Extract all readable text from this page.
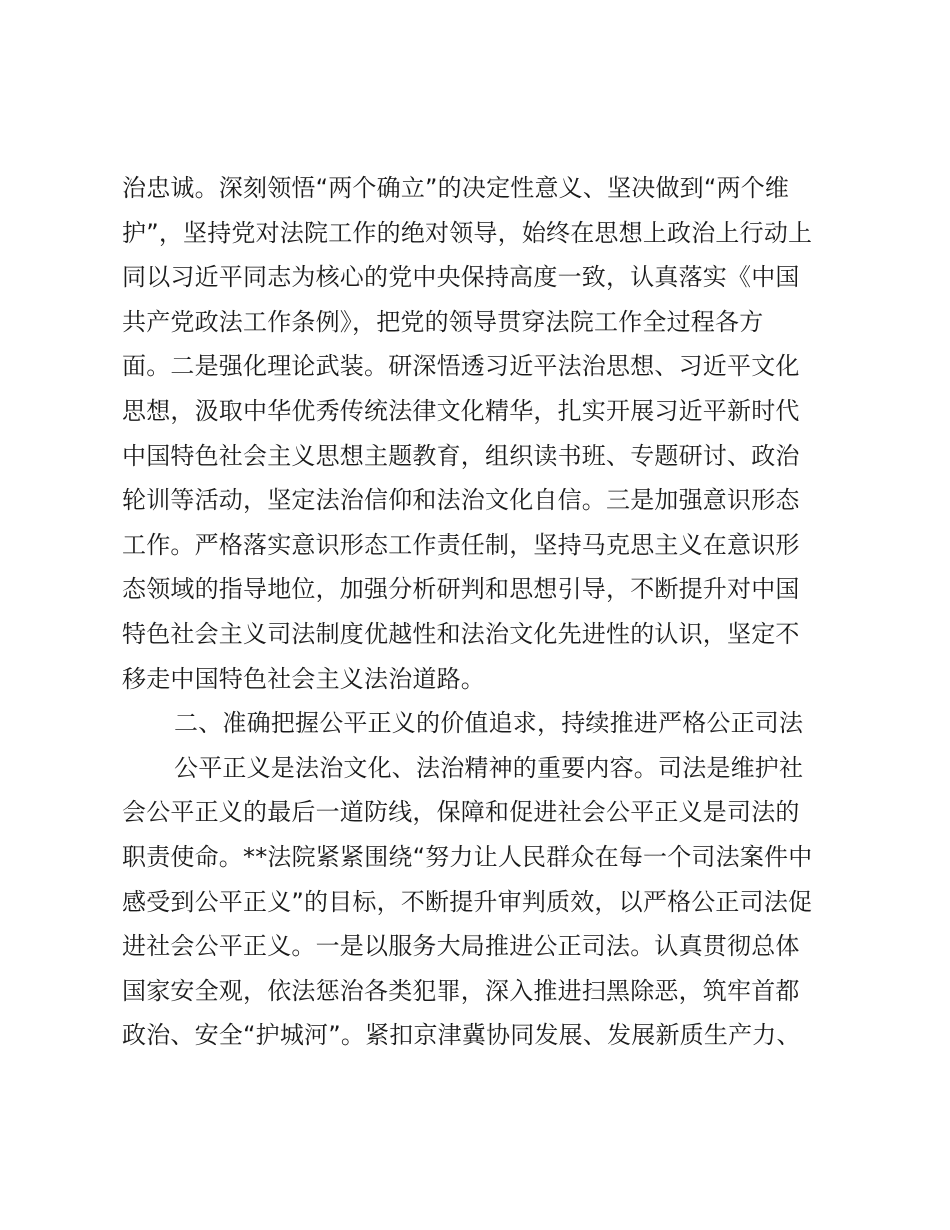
治忠诚。深刻领悟“两个确立”的决定性意义、坚决做到“两个维
护”，坚持党对法院工作的绝对领导，始终在思想上政治上行动上
同以习近平同志为核心的党中央保持高度一致，认真落实《中国
共产党政法工作条例》，把党的领导贯穿法院工作全过程各方
面。二是强化理论武装。研深悟透习近平法治思想、习近平文化
思想，汲取中华优秀传统法律文化精华，扎实开展习近平新时代
中国特色社会主义思想主题教育，组织读书班、专题研讨、政治
轮训等活动，坚定法治信仰和法治文化自信。三是加强意识形态
工作。严格落实意识形态工作责任制，坚持马克思主义在意识形
态领域的指导地位，加强分析研判和思想引导，不断提升对中国
特色社会主义司法制度优越性和法治文化先进性的认识，坚定不
移走中国特色社会主义法治道路。
二、准确把握公平正义的价值追求，持续推进严格公正司法
公平正义是法治文化、法治精神的重要内容。司法是维护社
会公平正义的最后一道防线，保障和促进社会公平正义是司法的
职责使命。**法院紧紧围绕“努力让人民群众在每一个司法案件中
感受到公平正义”的目标，不断提升审判质效，以严格公正司法促
进社会公平正义。一是以服务大局推进公正司法。认真贯彻总体
国家安全观，依法惩治各类犯罪，深入推进扫黑除恶，筑牢首都
政治、安全“护城河”。紧扣京津冀协同发展、发展新质生产力、
